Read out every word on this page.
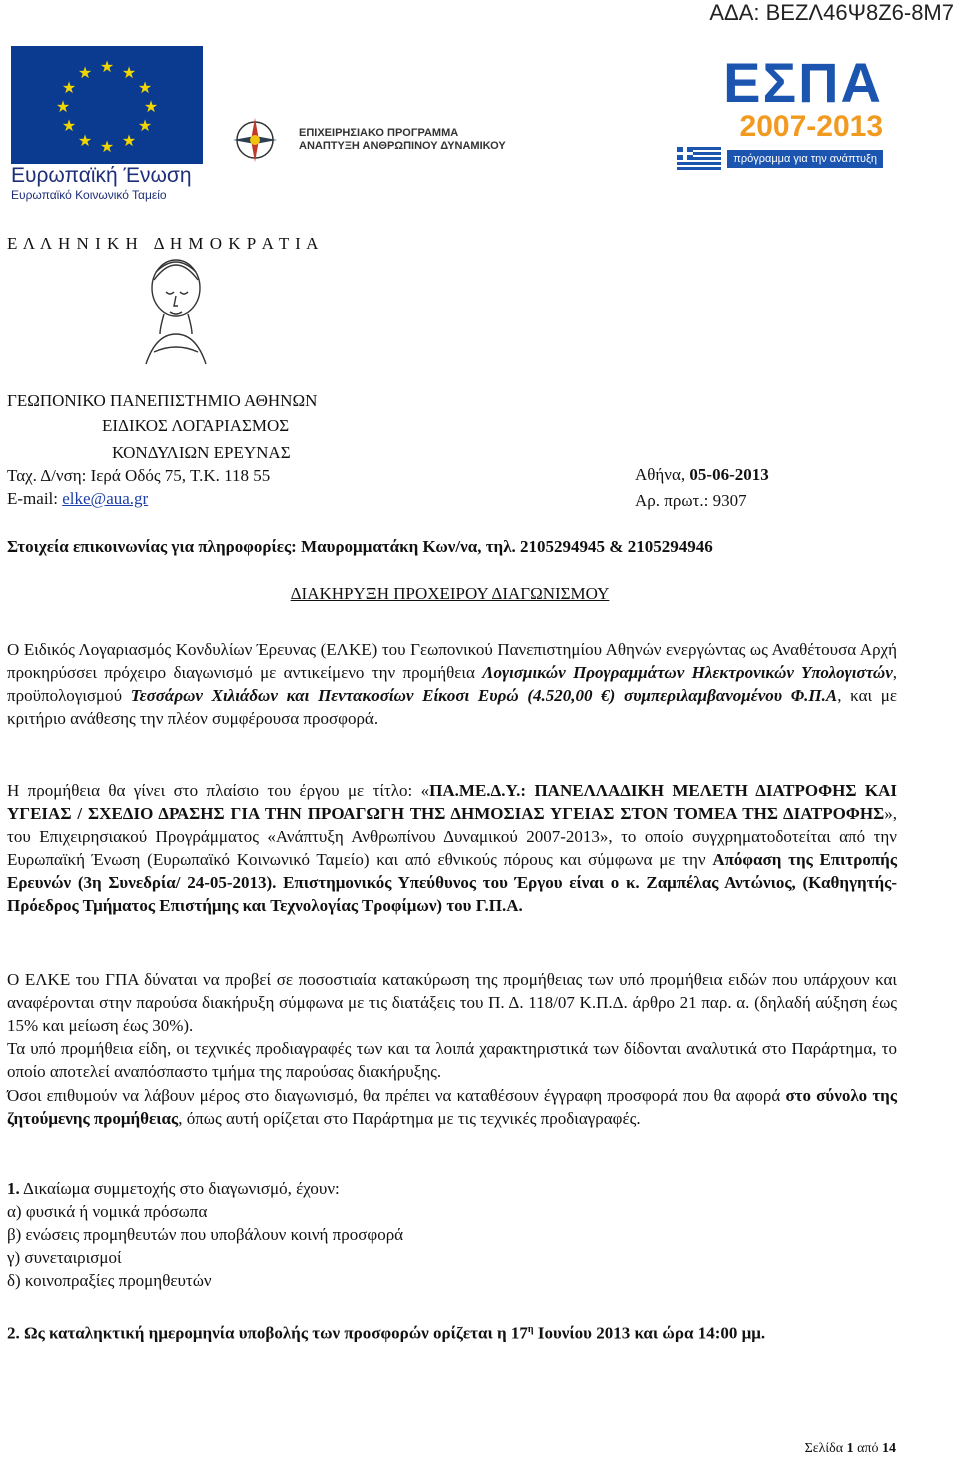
ΑΔΑ: ΒΕΖΛ46Ψ8Ζ6-8Μ7
★ ★
★
★
★
★
★
★
★
★
★
★
Ευρωπαϊκή Ένωση
Ευρωπαϊκό Κοινωνικό Ταμείο
ΕΠΙΧΕΙΡΗΣΙΑΚΟ ΠΡΟΓΡΑΜΜΑ
ΑΝΑΠΤΥΞΗ ΑΝΘΡΩΠΙΝΟΥ ΔΥΝΑΜΙΚΟΥ
ΕΣΠΑ
2007-2013
πρόγραμμα για την ανάπτυξη
Ε Λ Λ Η Ν Ι Κ Η   Δ Η Μ Ο Κ Ρ Α Τ Ι Α
ΓΕΩΠΟΝΙΚΟ ΠΑΝΕΠΙΣΤΗΜΙΟ ΑΘΗΝΩΝ
ΕΙΔΙΚΟΣ ΛΟΓΑΡΙΑΣΜΟΣ
ΚΟΝΔΥΛΙΩΝ ΕΡΕΥΝΑΣ
Ταχ. Δ/νση: Ιερά Οδός 75, Τ.Κ. 118 55
E-mail: elke@aua.gr
Αθήνα, 05-06-2013
Αρ. πρωτ.: 9307
Στοιχεία επικοινωνίας για πληροφορίες: Μαυρομματάκη Κων/να, τηλ. 2105294945 & 2105294946
ΔΙΑΚΗΡΥΞΗ ΠΡΟΧΕΙΡΟΥ ΔΙΑΓΩΝΙΣΜΟΥ
Ο Ειδικός Λογαριασμός Κονδυλίων Έρευνας (ΕΛΚΕ) του Γεωπονικού Πανεπιστημίου Αθηνών ενεργώντας ως Αναθέτουσα Αρχή προκηρύσσει πρόχειρο διαγωνισμό με αντικείμενο την προμήθεια Λογισμικών Προγραμμάτων Ηλεκτρονικών Υπολογιστών, προϋπολογισμού Τεσσάρων Χιλιάδων και Πεντακοσίων Είκοσι Ευρώ (4.520,00 €) συμπεριλαμβανομένου Φ.Π.Α, και με κριτήριο ανάθεσης την πλέον συμφέρουσα προσφορά.
Η προμήθεια θα γίνει στο πλαίσιο του έργου με τίτλο: «ΠΑ.ΜΕ.Δ.Υ.: ΠΑΝΕΛΛΑΔΙΚΗ ΜΕΛΕΤΗ ΔΙΑΤΡΟΦΗΣ ΚΑΙ ΥΓΕΙΑΣ / ΣΧΕΔΙΟ ΔΡΑΣΗΣ ΓΙΑ ΤΗΝ ΠΡΟΑΓΩΓΗ ΤΗΣ ΔΗΜΟΣΙΑΣ ΥΓΕΙΑΣ ΣΤΟΝ ΤΟΜΕΑ ΤΗΣ ΔΙΑΤΡΟΦΗΣ», του Επιχειρησιακού Προγράμματος «Ανάπτυξη Ανθρωπίνου Δυναμικού 2007-2013», το οποίο συγχρηματοδοτείται από την Ευρωπαϊκή Ένωση (Ευρωπαϊκό Κοινωνικό Ταμείο) και από εθνικούς πόρους και σύμφωνα με την Απόφαση της Επιτροπής Ερευνών (3η Συνεδρία/ 24-05-2013). Επιστημονικός Υπεύθυνος του Έργου είναι ο κ. Ζαμπέλας Αντώνιος, (Καθηγητής-Πρόεδρος Τμήματος Επιστήμης και Τεχνολογίας Τροφίμων) του Γ.Π.Α.
Ο ΕΛΚΕ του ΓΠΑ δύναται να προβεί σε ποσοστιαία κατακύρωση της προμήθειας των υπό προμήθεια ειδών που υπάρχουν και αναφέρονται στην παρούσα διακήρυξη σύμφωνα με τις διατάξεις του Π. Δ. 118/07 Κ.Π.Δ. άρθρο 21 παρ. α. (δηλαδή αύξηση έως 15% και μείωση έως 30%).
Τα υπό προμήθεια είδη, οι τεχνικές προδιαγραφές των και τα λοιπά χαρακτηριστικά των δίδονται αναλυτικά στο Παράρτημα, το οποίο αποτελεί αναπόσπαστο τμήμα της παρούσας διακήρυξης.
Όσοι επιθυμούν να λάβουν μέρος στο διαγωνισμό, θα πρέπει να καταθέσουν έγγραφη προσφορά που θα αφορά στο σύνολο της ζητούμενης προμήθειας, όπως αυτή ορίζεται στο Παράρτημα με τις τεχνικές προδιαγραφές.
1. Δικαίωμα συμμετοχής στο διαγωνισμό, έχουν:
α) φυσικά ή νομικά πρόσωπα
β) ενώσεις προμηθευτών που υποβάλουν κοινή προσφορά
γ) συνεταιρισμοί
δ) κοινοπραξίες προμηθευτών
2. Ως καταληκτική ημερομηνία υποβολής των προσφορών ορίζεται η $17^\eta$ Ιουνίου 2013 και ώρα 14:00 μμ.
Σελίδα 1 από 14
